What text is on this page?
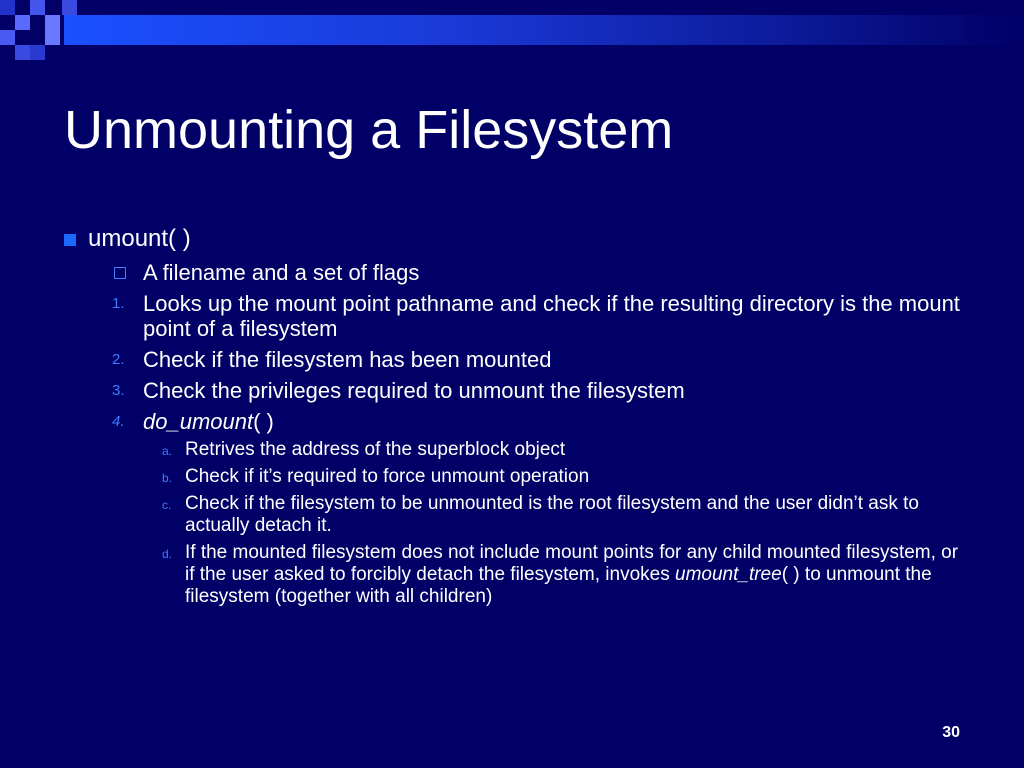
Unmounting a Filesystem
umount( )
A filename and a set of flags
1. Looks up the mount point pathname and check if the resulting directory is the mount point of a filesystem
2. Check if the filesystem has been mounted
3. Check the privileges required to unmount the filesystem
4. do_umount( )
a. Retrives the address of the superblock object
b. Check if it’s required to force unmount operation
c. Check if the filesystem to be unmounted is the root filesystem and the user didn’t ask to actually detach it.
d. If the mounted filesystem does not include mount points for any child mounted filesystem, or if the user asked to forcibly detach the filesystem, invokes umount_tree( ) to unmount the filesystem (together with all children)
30
